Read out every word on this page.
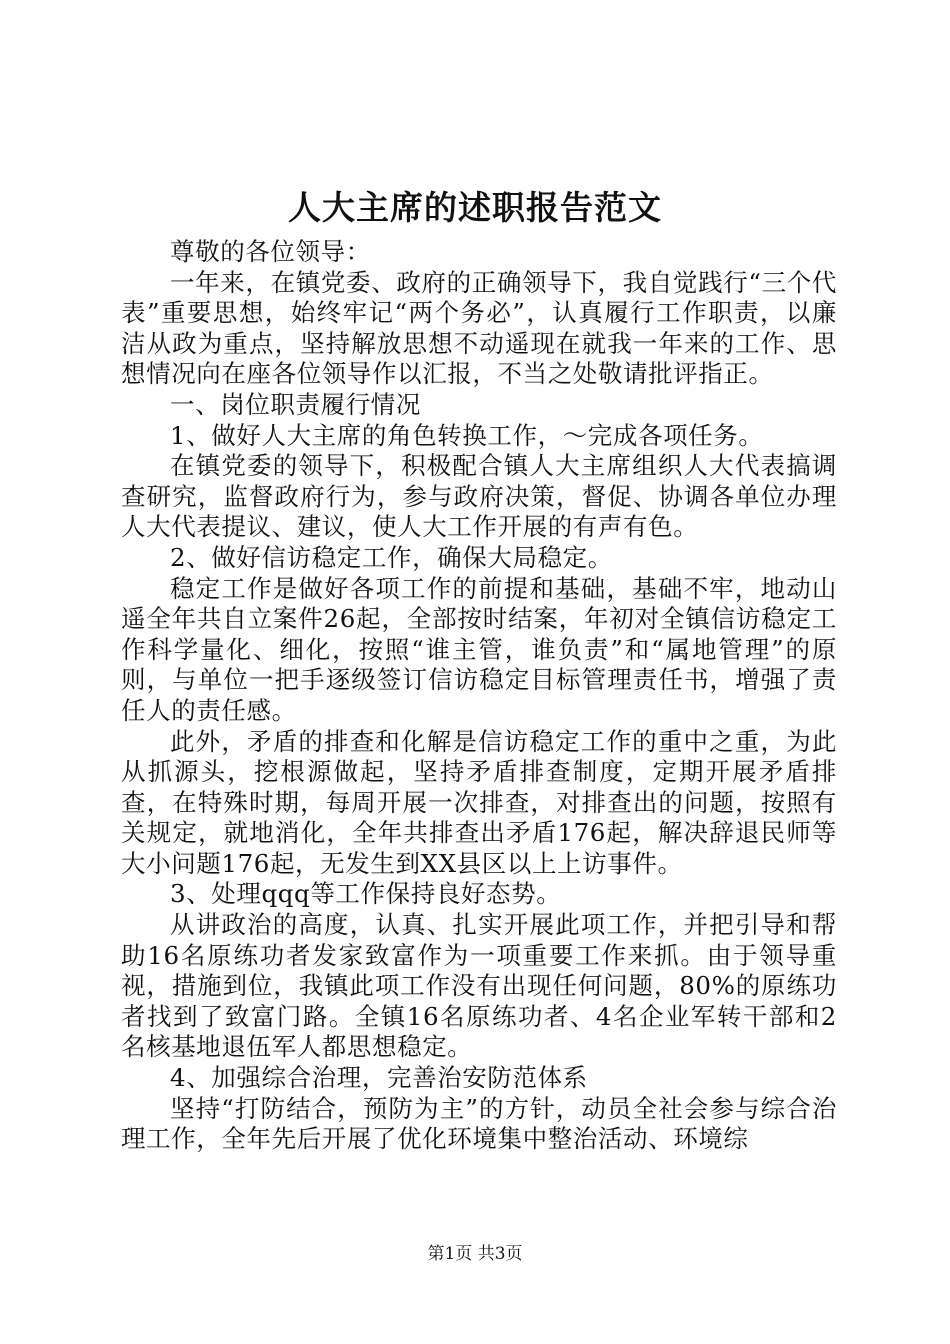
人大主席的述职报告范文

尊敬的各位领导：

一年来，在镇党委、政府的正确领导下，我自觉践行“三个代表”重要思想，始终牢记“两个务必”，认真履行工作职责，以廉洁从政为重点，坚持解放思想不动遥现在就我一年来的工作、思想情况向在座各位领导作以汇报，不当之处敬请批评指正。

一、岗位职责履行情况

1、做好人大主席的角色转换工作，～完成各项任务。

在镇党委的领导下，积极配合镇人大主席组织人大代表搞调查研究，监督政府行为，参与政府决策，督促、协调各单位办理人大代表提议、建议，使人大工作开展的有声有色。

2、做好信访稳定工作，确保大局稳定。

稳定工作是做好各项工作的前提和基础，基础不牢，地动山遥全年共自立案件26起，全部按时结案，年初对全镇信访稳定工作科学量化、细化，按照“谁主管，谁负责”和“属地管理”的原则，与单位一把手逐级签订信访稳定目标管理责任书，增强了责任人的责任感。

此外，矛盾的排查和化解是信访稳定工作的重中之重，为此从抓源头，挖根源做起，坚持矛盾排查制度，定期开展矛盾排查，在特殊时期，每周开展一次排查，对排查出的问题，按照有关规定，就地消化，全年共排查出矛盾176起，解决辞退民师等大小问题176起，无发生到XX县区以上上访事件。

3、处理qqq等工作保持良好态势。

从讲政治的高度，认真、扎实开展此项工作，并把引导和帮助16名原练功者发家致富作为一项重要工作来抓。由于领导重视，措施到位，我镇此项工作没有出现任何问题，80%的原练功者找到了致富门路。全镇16名原练功者、4名企业军转干部和2名核基地退伍军人都思想稳定。

4、加强综合治理，完善治安防范体系

坚持“打防结合，预防为主”的方针，动员全社会参与综合治理工作，全年先后开展了优化环境集中整治活动、环境综

第1页 共3页
